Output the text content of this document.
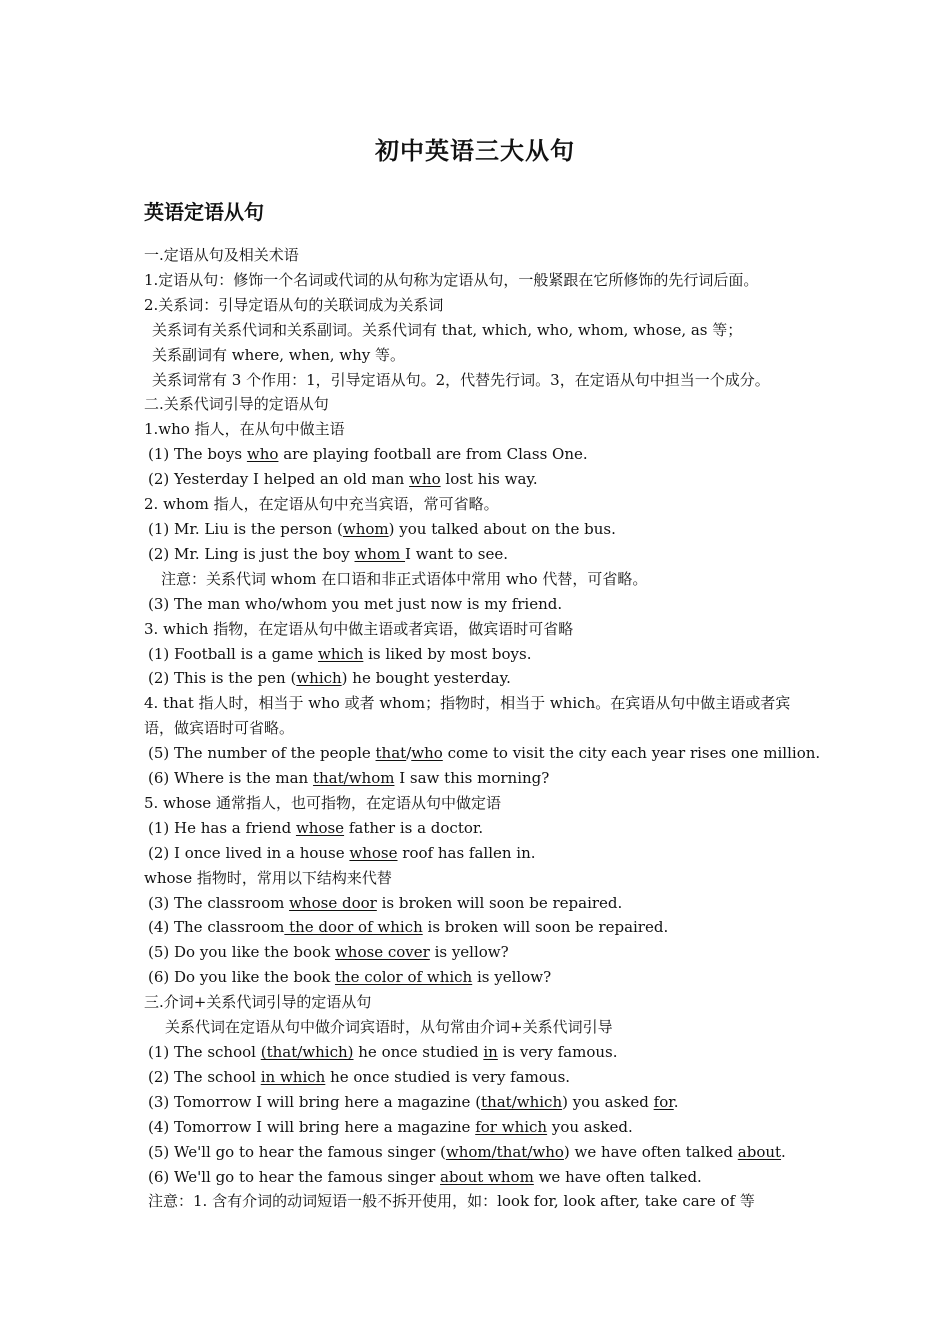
初中英语三大从句
英语定语从句
一.定语从句及相关术语
1.定语从句：修饰一个名词或代词的从句称为定语从句，一般紧跟在它所修饰的先行词后面。
2.关系词：引导定语从句的关联词成为关系词
关系词有关系代词和关系副词。关系代词有 that, which, who, whom, whose, as 等；
关系副词有 where, when, why 等。
关系词常有 3 个作用：1，引导定语从句。2，代替先行词。3，在定语从句中担当一个成分。
二.关系代词引导的定语从句
1.who 指人，在从句中做主语
(1) The boys who are playing football are from Class One.
(2) Yesterday I helped an old man who lost his way.
2. whom 指人，在定语从句中充当宾语，常可省略。
(1) Mr. Liu is the person (whom) you talked about on the bus.
(2) Mr. Ling is just the boy whom I want to see.
注意：关系代词 whom 在口语和非正式语体中常用 who 代替，可省略。
(3) The man who/whom you met just now is my friend.
3. which 指物，在定语从句中做主语或者宾语，做宾语时可省略
(1) Football is a game which is liked by most boys.
(2) This is the pen (which) he bought yesterday.
4. that 指人时，相当于 who 或者 whom；指物时，相当于 which。在宾语从句中做主语或者宾语，做宾语时可省略。
(5) The number of the people that/who come to visit the city each year rises one million.
(6) Where is the man that/whom I saw this morning?
5. whose 通常指人，也可指物，在定语从句中做定语
(1) He has a friend whose father is a doctor.
(2) I once lived in a house whose roof has fallen in.
whose 指物时，常用以下结构来代替
(3) The classroom whose door is broken will soon be repaired.
(4) The classroom the door of which is broken will soon be repaired.
(5) Do you like the book whose cover is yellow?
(6) Do you like the book the color of which is yellow?
三.介词+关系代词引导的定语从句
关系代词在定语从句中做介词宾语时，从句常由介词+关系代词引导
(1) The school (that/which) he once studied in is very famous.
(2) The school in which he once studied is very famous.
(3) Tomorrow I will bring here a magazine (that/which) you asked for.
(4) Tomorrow I will bring here a magazine for which you asked.
(5) We'll go to hear the famous singer (whom/that/who) we have often talked about.
(6) We'll go to hear the famous singer about whom we have often talked.
注意：1. 含有介词的动词短语一般不拆开使用，如：look for, look after, take care of 等
